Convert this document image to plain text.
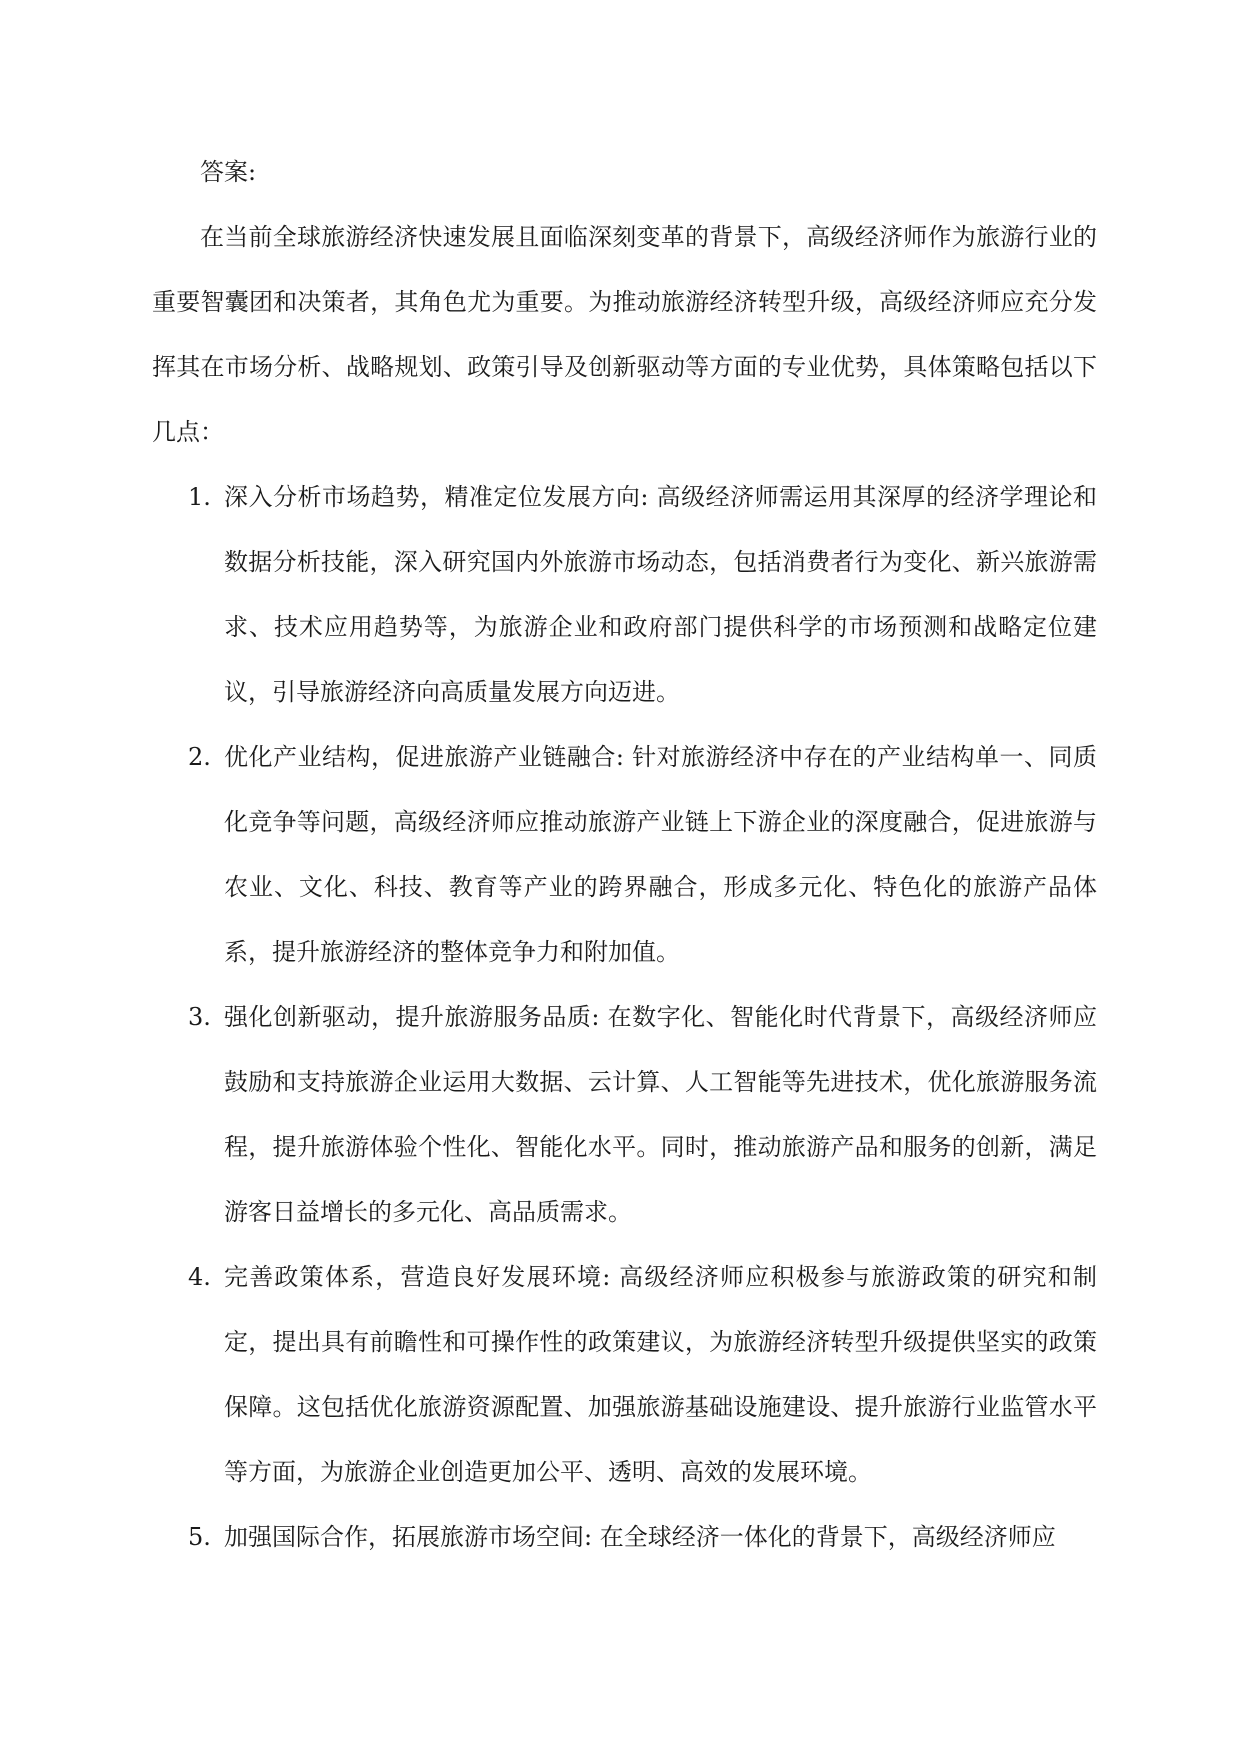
答案:

在当前全球旅游经济快速发展且面临深刻变革的背景下，高级经济师作为旅游行业的重要智囊团和决策者，其角色尤为重要。为推动旅游经济转型升级，高级经济师应充分发挥其在市场分析、战略规划、政策引导及创新驱动等方面的专业优势，具体策略包括以下几点：

1. 深入分析市场趋势，精准定位发展方向: 高级经济师需运用其深厚的经济学理论和数据分析技能，深入研究国内外旅游市场动态，包括消费者行为变化、新兴旅游需求、技术应用趋势等，为旅游企业和政府部门提供科学的市场预测和战略定位建议，引导旅游经济向高质量发展方向迈进。
2. 优化产业结构，促进旅游产业链融合: 针对旅游经济中存在的产业结构单一、同质化竞争等问题，高级经济师应推动旅游产业链上下游企业的深度融合，促进旅游与农业、文化、科技、教育等产业的跨界融合，形成多元化、特色化的旅游产品体系，提升旅游经济的整体竞争力和附加值。
3. 强化创新驱动，提升旅游服务品质: 在数字化、智能化时代背景下，高级经济师应鼓励和支持旅游企业运用大数据、云计算、人工智能等先进技术，优化旅游服务流程，提升旅游体验个性化、智能化水平。同时，推动旅游产品和服务的创新，满足游客日益增长的多元化、高品质需求。
4. 完善政策体系，营造良好发展环境: 高级经济师应积极参与旅游政策的研究和制定，提出具有前瞻性和可操作性的政策建议，为旅游经济转型升级提供坚实的政策保障。这包括优化旅游资源配置、加强旅游基础设施建设、提升旅游行业监管水平等方面，为旅游企业创造更加公平、透明、高效的发展环境。
5. 加强国际合作，拓展旅游市场空间: 在全球经济一体化的背景下，高级经济师应
